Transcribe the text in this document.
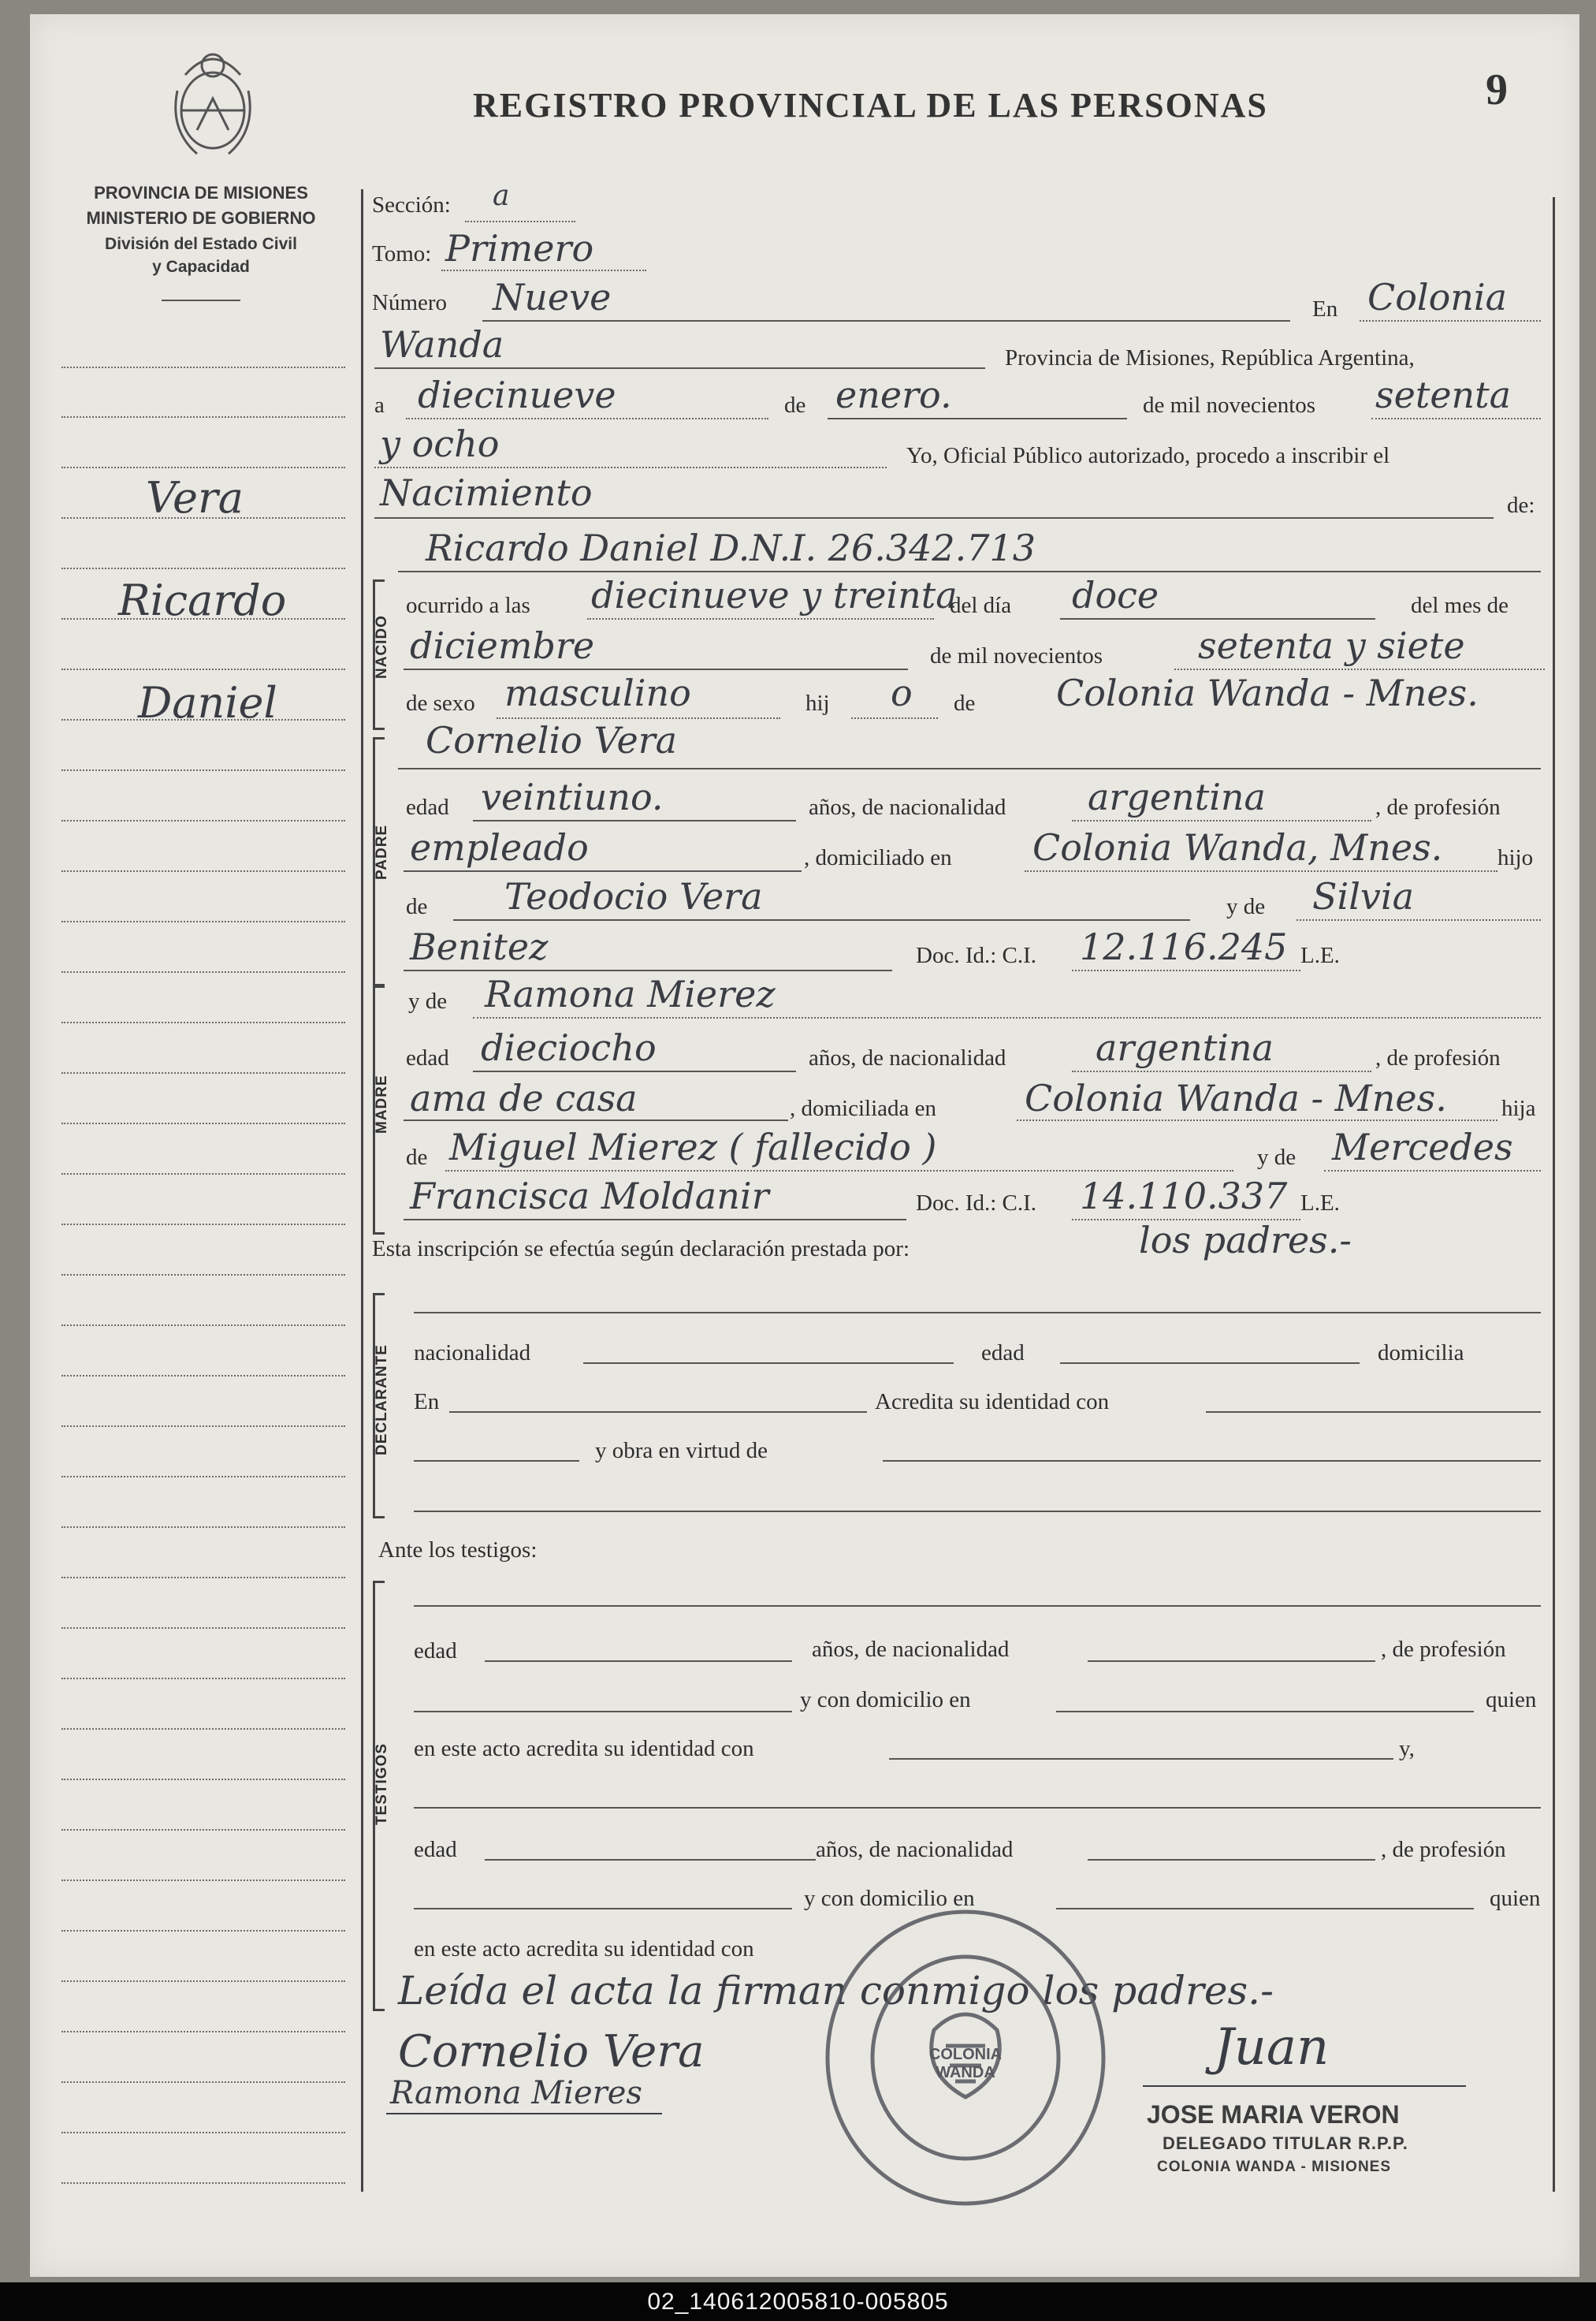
PROVINCIA DE MISIONES
MINISTERIO DE GOBIERNO
División del Estado Civil
y Capacidad
REGISTRO PROVINCIAL DE LAS PERSONAS	9
Vera
Ricardo
Daniel
Sección: a
Tomo: Primero
Número Nueve	En Colonia
Wanda	Provincia de Misiones, República Argentina,
a diecinueve	de enero.	de mil novecientos setenta
y ocho	Yo, Oficial Público autorizado, procedo a inscribir el
Nacimiento	de:
Ricardo Daniel D.N.I. 26.342.713
NACIDO
ocurrido a las diecinueve y treinta
del día doce	del mes de
diciembre	de mil novecientos	setenta y siete
de sexo masculino	hij o de Colonia Wanda - Mnes.
Cornelio Vera
PADRE
edad veintiuno.	años, de nacionalidad argentina	, de profesión
empleado	, domiciliado en Colonia Wanda, Mnes. hijo
de Teodocio Vera	y de Silvia
Benitez	Doc. Id.: C.I. 12.116.245 L.E.
MADRE
y de Ramona Mierez
edad dieciocho	años, de nacionalidad argentina	, de profesión
ama de casa	, domiciliada en Colonia Wanda - Mnes. hija
de Miguel Mierez ( fallecido )	y de Mercedes
Francisca Moldanir	Doc. Id.: C.I. 14.110.337 L.E.
Esta inscripción se efectúa según declaración prestada por:	los padres.-
DECLARANTE nacionalidad	edad	domicilia
En	Acredita su identidad con
y obra en virtud de
Ante los testigos:
TESTIGOS
edad	años, de nacionalidad	, de profesión
y con domicilio en	quien
en este acto acredita su identidad con	y,
edad	años, de nacionalidad	, de profesión
y con domicilio en	quien
en este acto acredita su identidad con
Leída el acta la firman conmigo los padres.-
Cornelio Vera
Ramona Mieres
COLONIA WANDA	Juan
JOSE MARIA VERON
DELEGADO TITULAR R.P.P.
COLONIA WANDA - MISIONES
02_140612005810-005805
